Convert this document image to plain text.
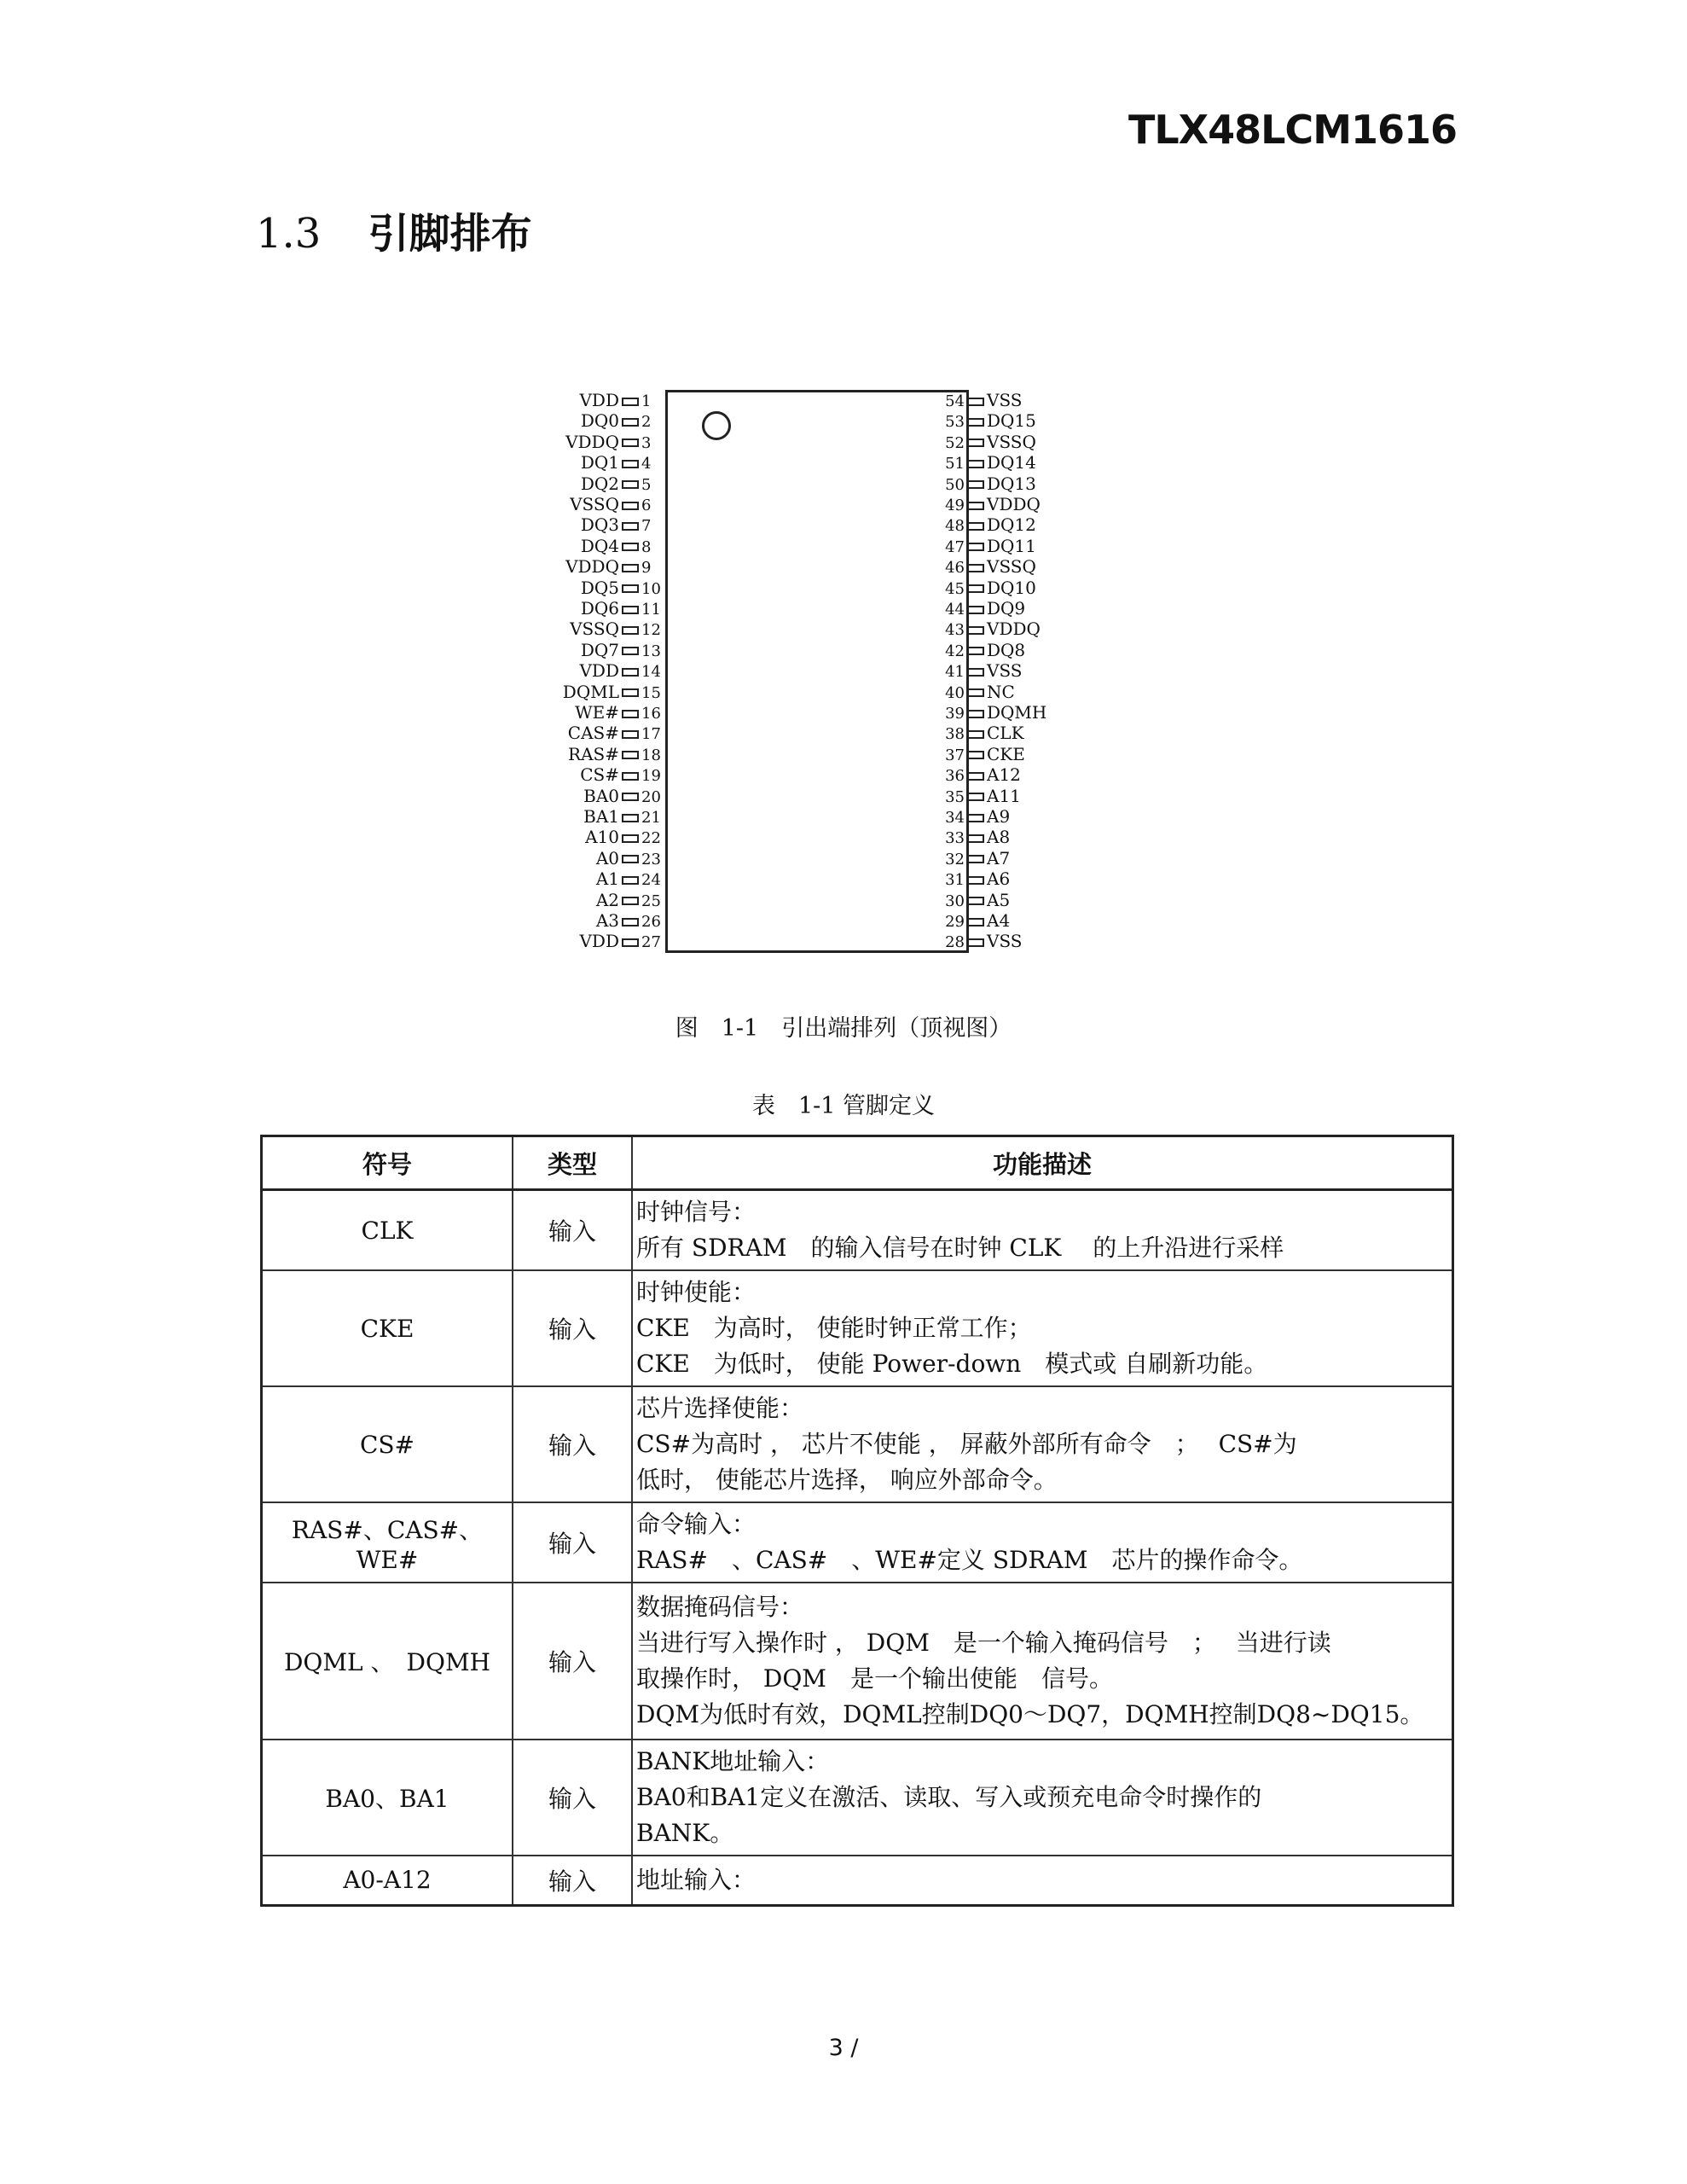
TLX48LCM1616
1.3 引脚排布
VDD 1
DQ0 2
VDDQ 3
DQ1 4
DQ2 5
VSSQ 6
DQ3 7
DQ4 8
VDDQ 9
DQ5 10
DQ6 11
VSSQ 12
DQ7 13
VDD 14
DQML 15
WE# 16
CAS# 17
RAS# 18
CS# 19
BA0 20
BA1 21
A10 22
A0 23
A1 24
A2 25
A3 26
VDD 27
54 VSS
53 DQ15
52 VSSQ
51 DQ14
50 DQ13
49 VDDQ
48 DQ12
47 DQ11
46 VSSQ
45 DQ10
44 DQ9
43 VDDQ
42 DQ8
41 VSS
40 NC
39 DQMH
38 CLK
37 CKE
36 A12
35 A11
34 A9
33 A8
32 A7
31 A6
30 A5
29 A4
28 VSS
图　1-1　引出端排列（顶视图）
表　1-1 管脚定义
符号	类型	功能描述
CLK	输入	时钟信号：
所有 SDRAM　的输入信号在时钟 CLK　 的上升沿进行采样

CKE	输入	时钟使能：
CKE　为高时， 使能时钟正常工作；
CKE　为低时， 使能 Power-down　模式或 自刷新功能。

CS#	输入	芯片选择使能：
CS#为高时 ， 芯片不使能 ， 屏蔽外部所有命令　；　 CS#为
低时， 使能芯片选择， 响应外部命令。

RAS#、CAS#、WE#	输入	命令输入：
RAS#　、CAS#　、WE#定义 SDRAM　芯片的操作命令。

DQML 、　DQMH	输入	数据掩码信号：
当进行写入操作时 ， DQM　是一个输入掩码信号　；　 当进行读
取操作时， DQM　是一个输出使能　信号。
DQM为低时有效，DQML控制DQ0～DQ7，DQMH控制DQ8~DQ15。

BA0、BA1	输入	BANK地址输入：
BA0和BA1定义在激活、读取、写入或预充电命令时操作的
BANK。

A0-A12	输入	地址输入：
3 /
